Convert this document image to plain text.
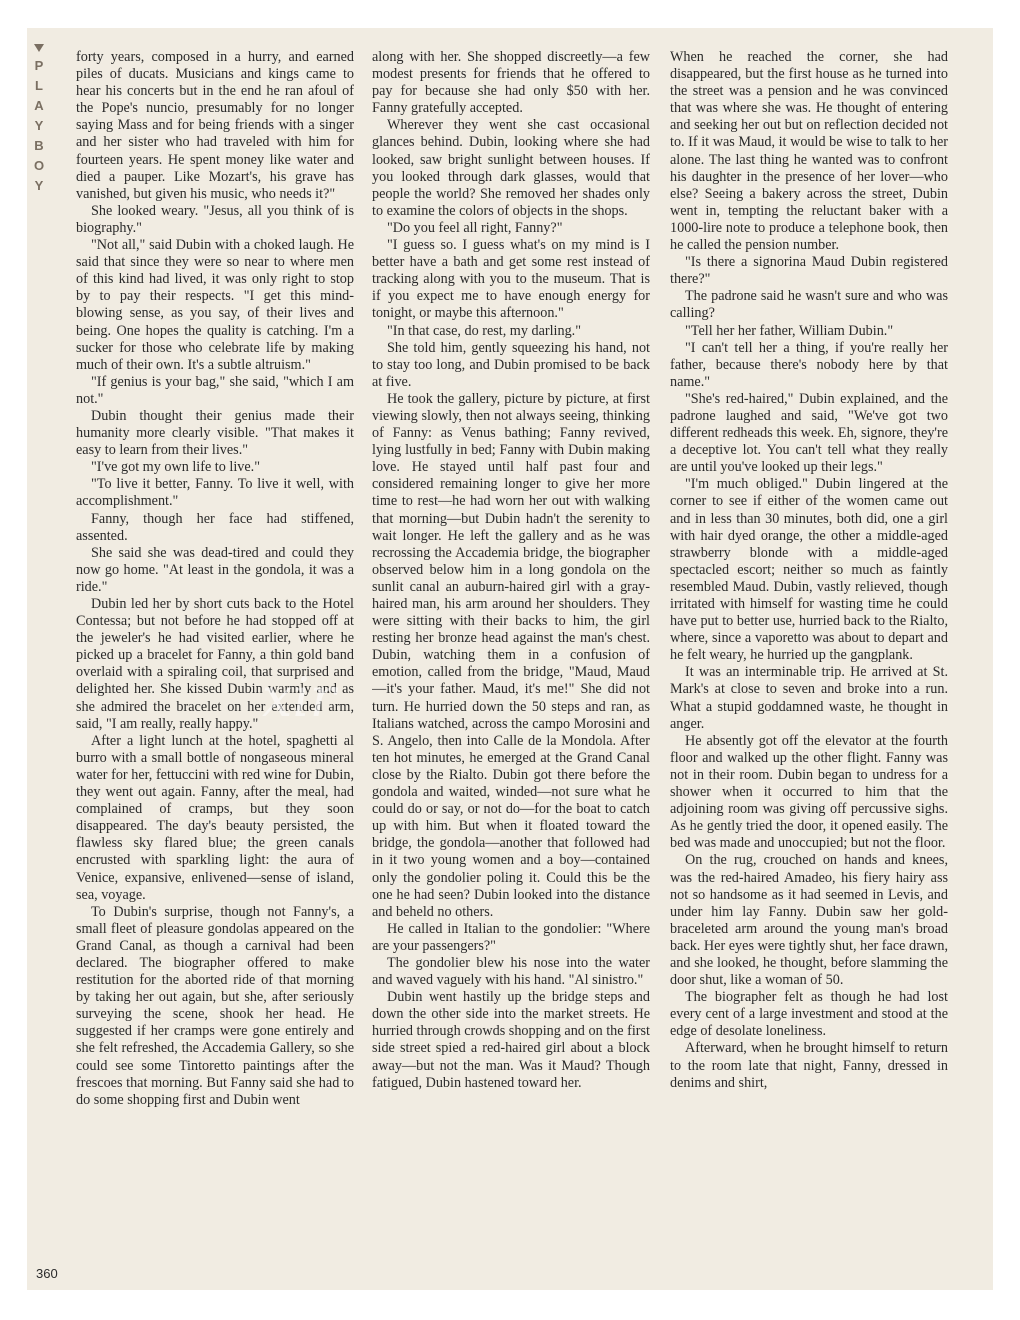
P
L
A
Y
B
O
Y

forty years, composed in a hurry, and earned piles of ducats. Musicians and kings came to hear his concerts but in the end he ran afoul of the Pope's nuncio, presumably for no longer saying Mass and for being friends with a singer and her sister who had traveled with him for fourteen years. He spent money like water and died a pauper. Like Mozart's, his grave has vanished, but given his music, who needs it?"

She looked weary. "Jesus, all you think of is biography."

"Not all," said Dubin with a choked laugh. He said that since they were so near to where men of this kind had lived, it was only right to stop by to pay their respects. "I get this mind-blowing sense, as you say, of their lives and being. One hopes the quality is catching. I'm a sucker for those who celebrate life by making much of their own. It's a subtle altruism."

"If genius is your bag," she said, "which I am not."

Dubin thought their genius made their humanity more clearly visible. "That makes it easy to learn from their lives."

"I've got my own life to live."

"To live it better, Fanny. To live it well, with accomplishment."

Fanny, though her face had stiffened, assented.

She said she was dead-tired and could they now go home. "At least in the gondola, it was a ride."

Dubin led her by short cuts back to the Hotel Contessa; but not before he had stopped off at the jeweler's he had visited earlier, where he picked up a bracelet for Fanny, a thin gold band overlaid with a spiraling coil, that surprised and delighted her. She kissed Dubin warmly and as she admired the bracelet on her extended arm, said, "I am really, really happy."

After a light lunch at the hotel, spaghetti al burro with a small bottle of nongaseous mineral water for her, fettuccini with red wine for Dubin, they went out again. Fanny, after the meal, had complained of cramps, but they soon disappeared. The day's beauty persisted, the flawless sky flared blue; the green canals encrusted with sparkling light: the aura of Venice, expansive, enlivened—sense of island, sea, voyage.

To Dubin's surprise, though not Fanny's, a small fleet of pleasure gondolas appeared on the Grand Canal, as though a carnival had been declared. The biographer offered to make restitution for the aborted ride of that morning by taking her out again, but she, after seriously surveying the scene, shook her head. He suggested if her cramps were gone entirely and she felt refreshed, the Accademia Gallery, so she could see some Tintoretto paintings after the frescoes that morning. But Fanny said she had to do some shopping first and Dubin went

along with her. She shopped discreetly—a few modest presents for friends that he offered to pay for because she had only $50 with her. Fanny gratefully accepted.

Wherever they went she cast occasional glances behind. Dubin, looking where she had looked, saw bright sunlight between houses. If you looked through dark glasses, would that people the world? She removed her shades only to examine the colors of objects in the shops.

"Do you feel all right, Fanny?"

"I guess so. I guess what's on my mind is I better have a bath and get some rest instead of tracking along with you to the museum. That is if you expect me to have enough energy for tonight, or maybe this afternoon."

"In that case, do rest, my darling."

She told him, gently squeezing his hand, not to stay too long, and Dubin promised to be back at five.

He took the gallery, picture by picture, at first viewing slowly, then not always seeing, thinking of Fanny: as Venus bathing; Fanny revived, lying lustfully in bed; Fanny with Dubin making love. He stayed until half past four and considered remaining longer to give her more time to rest—he had worn her out with walking that morning—but Dubin hadn't the serenity to wait longer. He left the gallery and as he was recrossing the Accademia bridge, the biographer observed below him in a long gondola on the sunlit canal an auburn-haired girl with a gray-haired man, his arm around her shoulders. They were sitting with their backs to him, the girl resting her bronze head against the man's chest. Dubin, watching them in a confusion of emotion, called from the bridge, "Maud, Maud—it's your father. Maud, it's me!" She did not turn. He hurried down the 50 steps and ran, as Italians watched, across the campo Morosini and S. Angelo, then into Calle de la Mondola. After ten hot minutes, he emerged at the Grand Canal close by the Rialto. Dubin got there before the gondola and waited, winded—not sure what he could do or say, or not do—for the boat to catch up with him. But when it floated toward the bridge, the gondola—another that followed had in it two young women and a boy—contained only the gondolier poling it. Could this be the one he had seen? Dubin looked into the distance and beheld no others.

He called in Italian to the gondolier: "Where are your passengers?"

The gondolier blew his nose into the water and waved vaguely with his hand. "Al sinistro."

Dubin went hastily up the bridge steps and down the other side into the market streets. He hurried through crowds shopping and on the first side street spied a red-haired girl about a block away—but not the man. Was it Maud? Though fatigued, Dubin hastened toward her.

When he reached the corner, she had disappeared, but the first house as he turned into the street was a pension and he was convinced that was where she was. He thought of entering and seeking her out but on reflection decided not to. If it was Maud, it would be wise to talk to her alone. The last thing he wanted was to confront his daughter in the presence of her lover—who else? Seeing a bakery across the street, Dubin went in, tempting the reluctant baker with a 1000-lire note to produce a telephone book, then he called the pension number.

"Is there a signorina Maud Dubin registered there?"

The padrone said he wasn't sure and who was calling?

"Tell her her father, William Dubin."

"I can't tell her a thing, if you're really her father, because there's nobody here by that name."

"She's red-haired," Dubin explained, and the padrone laughed and said, "We've got two different redheads this week. Eh, signore, they're a deceptive lot. You can't tell what they really are until you've looked up their legs."

"I'm much obliged." Dubin lingered at the corner to see if either of the women came out and in less than 30 minutes, both did, one a girl with hair dyed orange, the other a middle-aged strawberry blonde with a middle-aged spectacled escort; neither so much as faintly resembled Maud. Dubin, vastly relieved, though irritated with himself for wasting time he could have put to better use, hurried back to the Rialto, where, since a vaporetto was about to depart and he felt weary, he hurried up the gangplank.

It was an interminable trip. He arrived at St. Mark's at close to seven and broke into a run. What a stupid goddamned waste, he thought in anger.

He absently got off the elevator at the fourth floor and walked up the other flight. Fanny was not in their room. Dubin began to undress for a shower when it occurred to him that the adjoining room was giving off percussive sighs. As he gently tried the door, it opened easily. The bed was made and unoccupied; but not the floor.

On the rug, crouched on hands and knees, was the red-haired Amadeo, his fiery hairy ass not so handsome as it had seemed in Levis, and under him lay Fanny. Dubin saw her gold-braceleted arm around the young man's broad back. Her eyes were tightly shut, her face drawn, and she looked, he thought, before slamming the door shut, like a woman of 50.

The biographer felt as though he had lost every cent of a large investment and stood at the edge of desolate loneliness.

Afterward, when he brought himself to return to the room late that night, Fanny, dressed in denims and shirt,

xir
360
